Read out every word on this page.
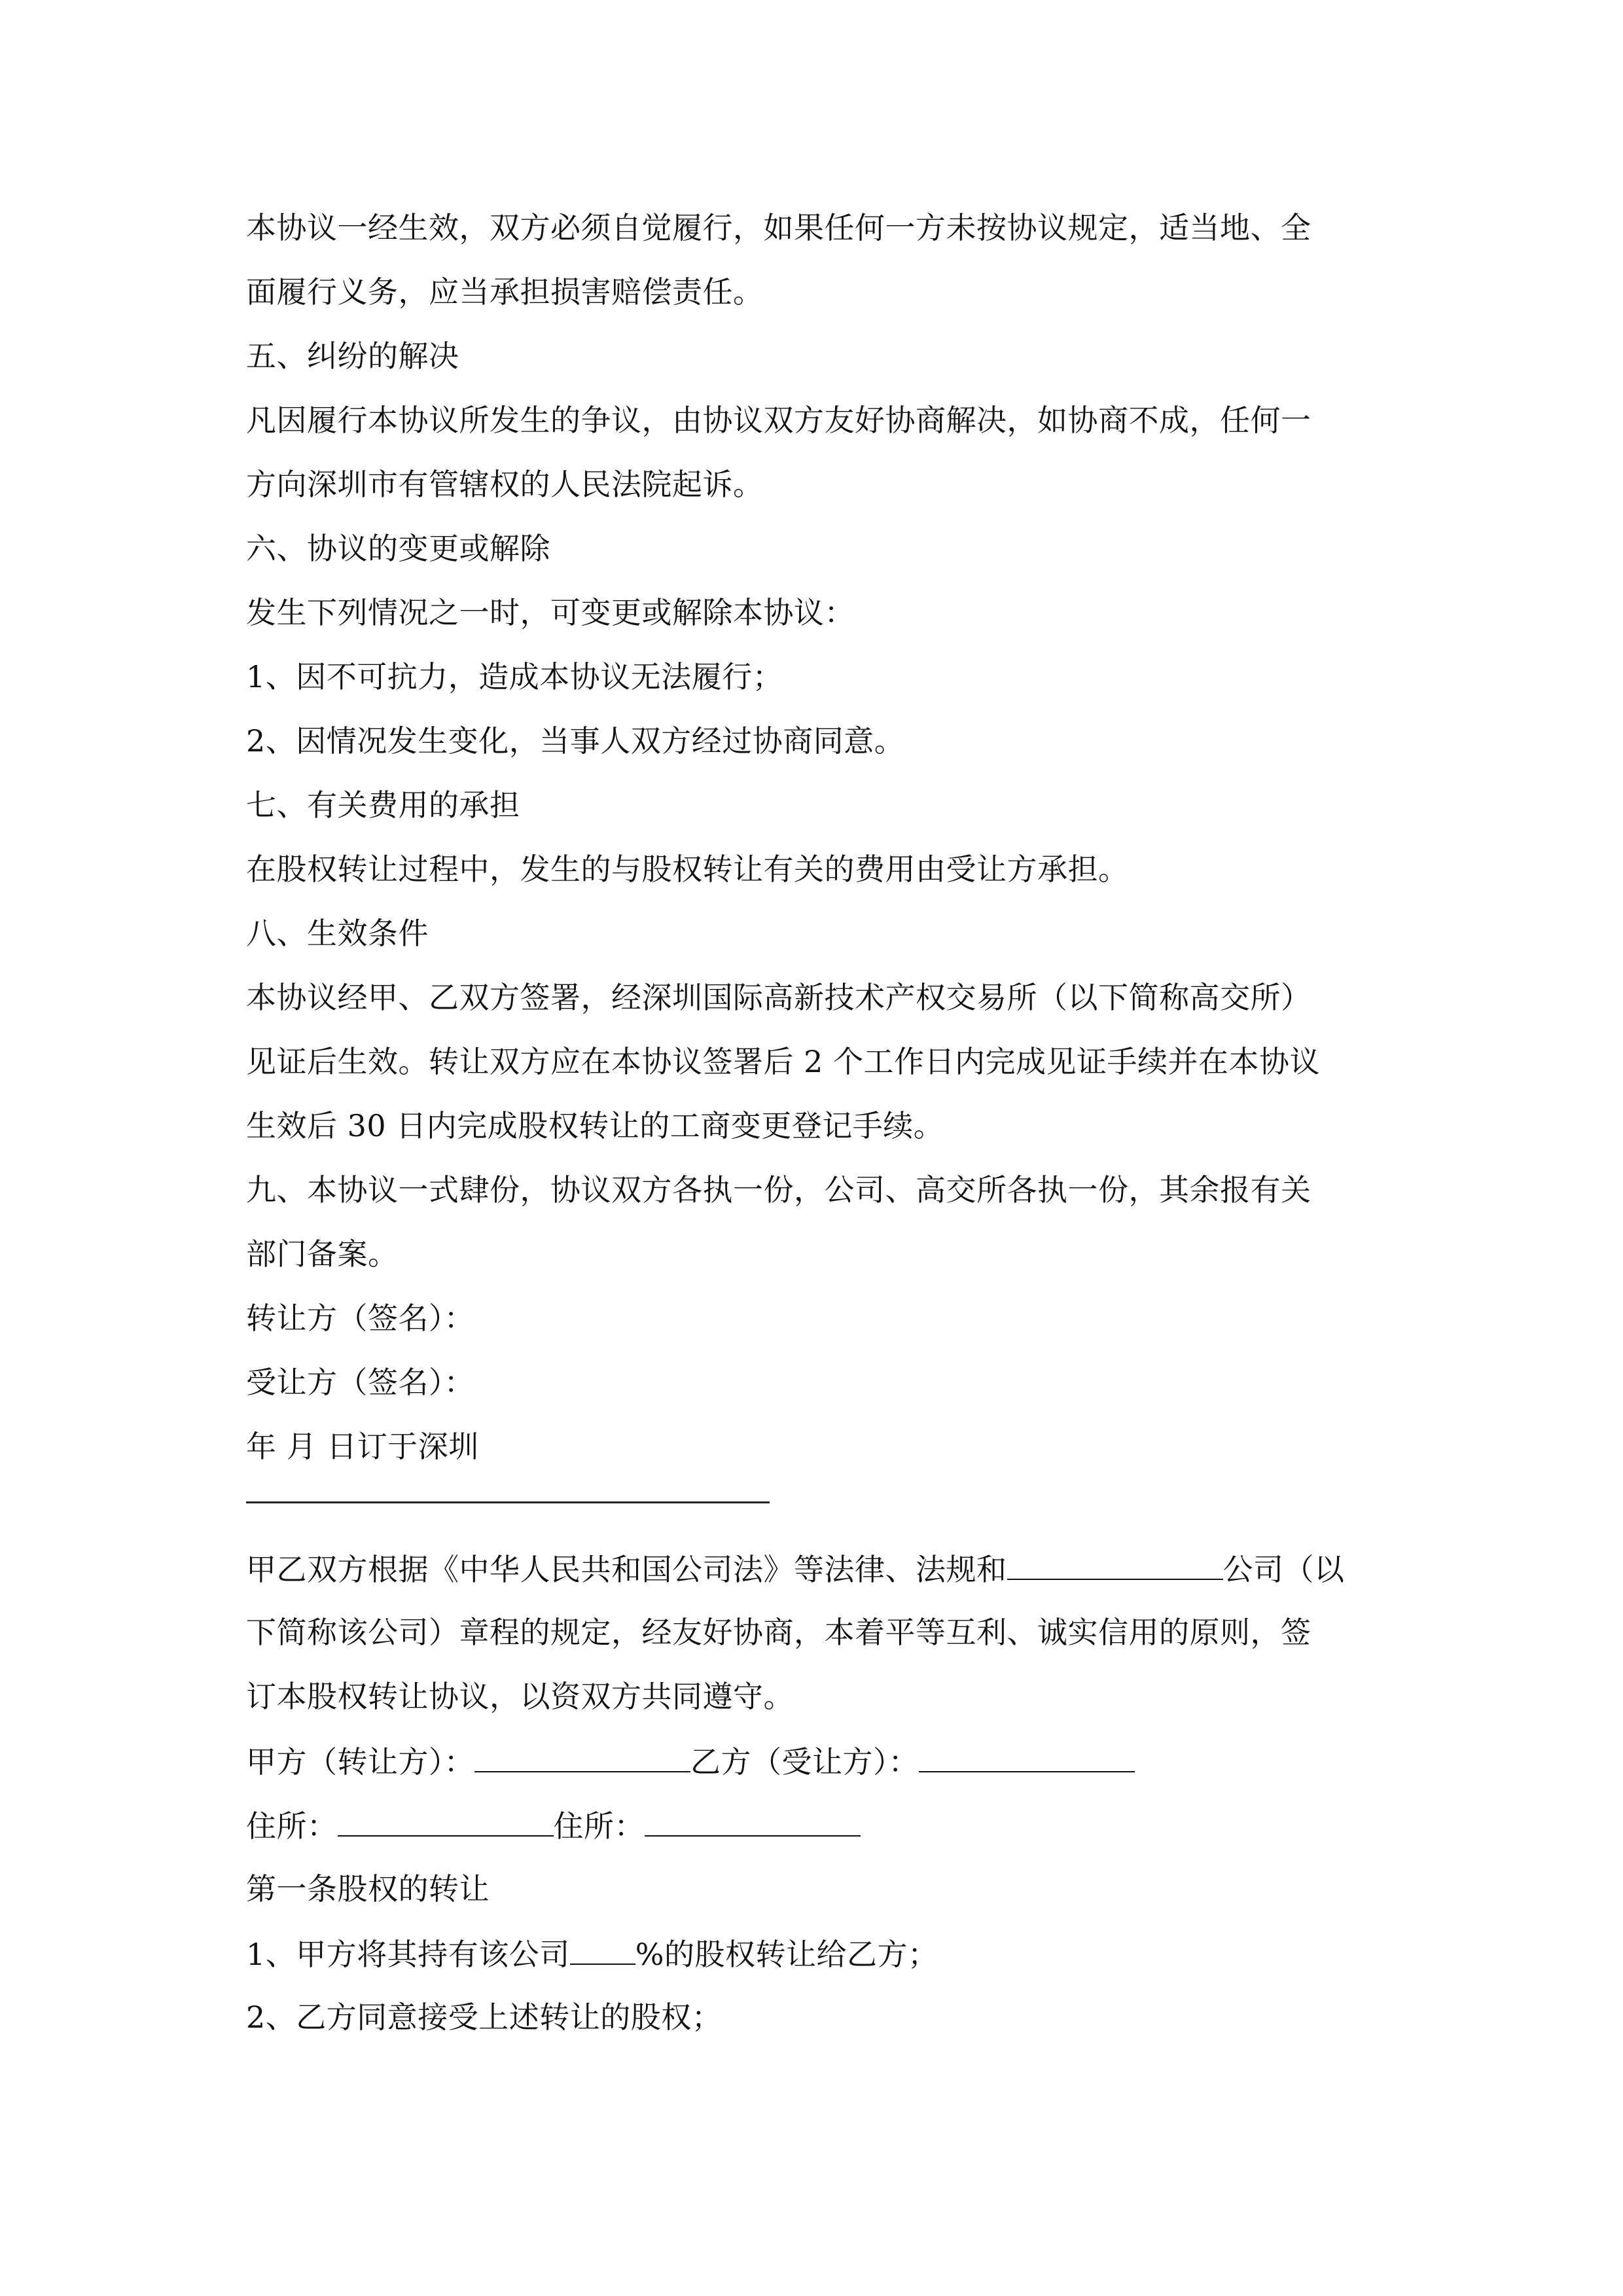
本协议一经生效，双方必须自觉履行，如果任何一方未按协议规定，适当地、全
面履行义务，应当承担损害赔偿责任。
五、纠纷的解决
凡因履行本协议所发生的争议，由协议双方友好协商解决，如协商不成，任何一
方向深圳市有管辖权的人民法院起诉。
六、协议的变更或解除
发生下列情况之一时，可变更或解除本协议：
1、因不可抗力，造成本协议无法履行；
2、因情况发生变化，当事人双方经过协商同意。
七、有关费用的承担
在股权转让过程中，发生的与股权转让有关的费用由受让方承担。
八、生效条件
本协议经甲、乙双方签署，经深圳国际高新技术产权交易所（以下简称高交所）
见证后生效。转让双方应在本协议签署后 2 个工作日内完成见证手续并在本协议
生效后 30 日内完成股权转让的工商变更登记手续。
九、本协议一式肆份，协议双方各执一份，公司、高交所各执一份，其余报有关
部门备案。
转让方（签名）：
受让方（签名）：
年 月 日订于深圳
甲乙双方根据《中华人民共和国公司法》等法律、法规和	公司（以
下简称该公司）章程的规定，经友好协商，本着平等互利、诚实信用的原则，签
订本股权转让协议，以资双方共同遵守。
甲方（转让方）：	乙方（受让方）：
住所：	住所：
第一条股权的转让
1、甲方将其持有该公司 %的股权转让给乙方；
2、乙方同意接受上述转让的股权；
